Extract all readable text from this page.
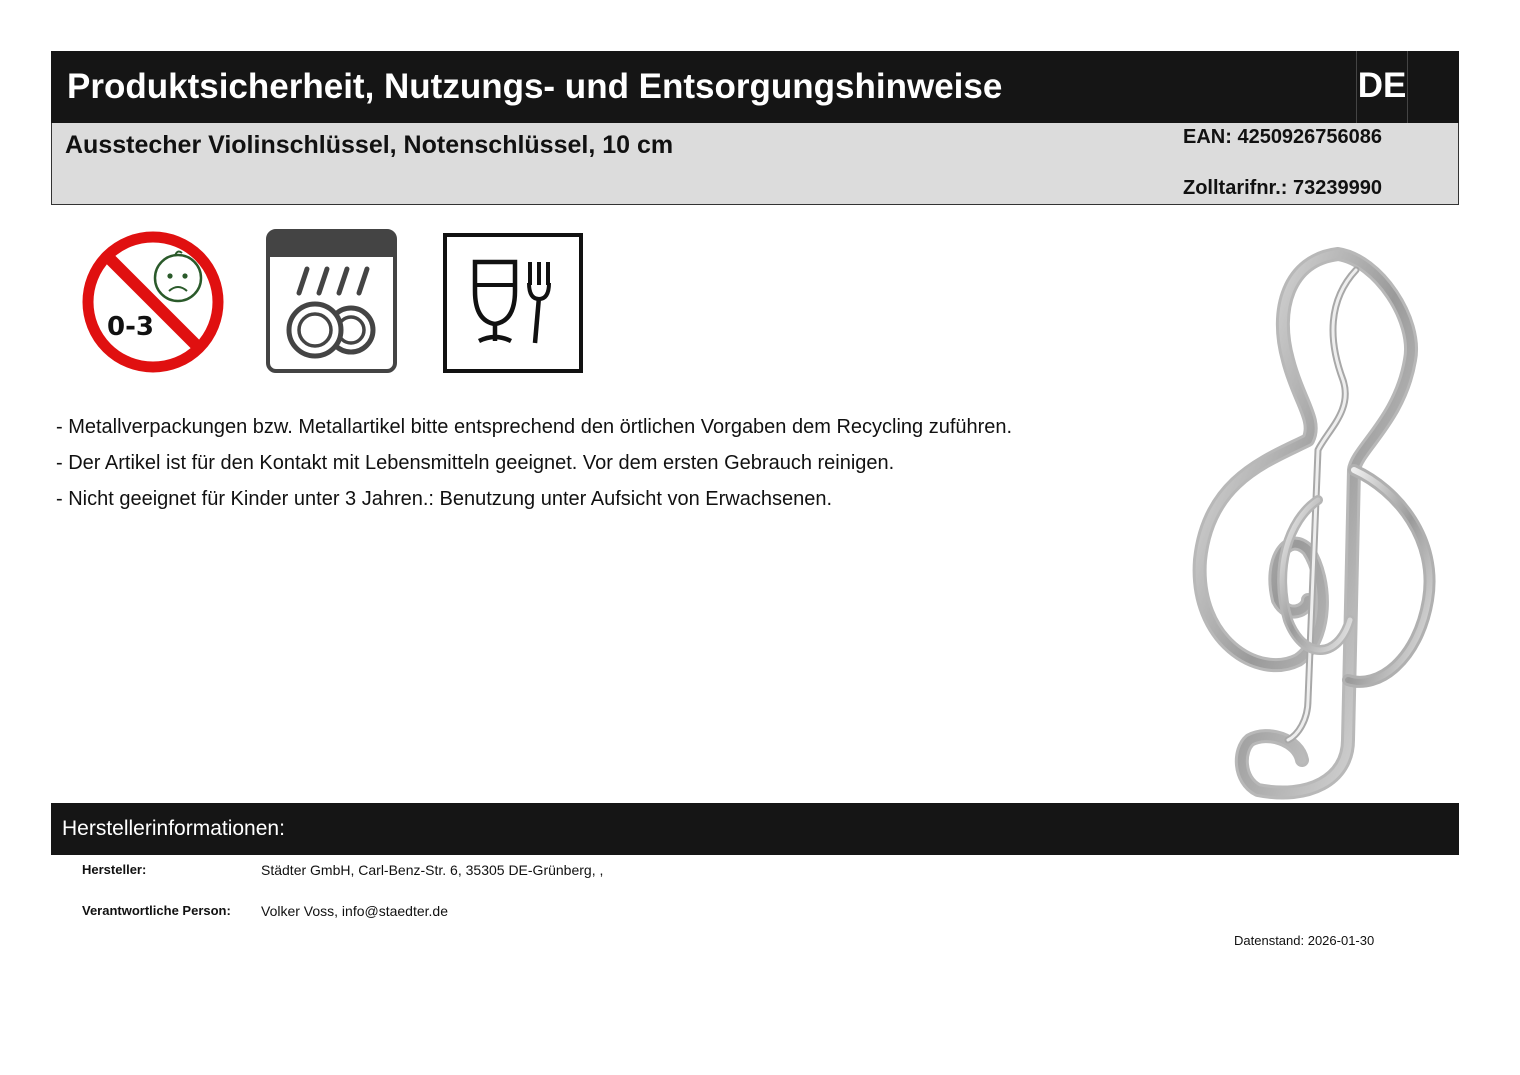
Produktsicherheit, Nutzungs- und Entsorgungshinweise	DE
Ausstecher Violinschlüssel, Notenschlüssel, 10 cm	EAN: 4250926756086
Zolltarifnr.: 73239990
0-3

- Metallverpackungen bzw. Metallartikel bitte entsprechend den örtlichen Vorgaben dem Recycling zuführen.

- Der Artikel ist für den Kontakt mit Lebensmitteln geeignet. Vor dem ersten Gebrauch reinigen.

- Nicht geeignet für Kinder unter 3 Jahren.: Benutzung unter Aufsicht von Erwachsenen.

Herstellerinformationen:
Hersteller:	Städter GmbH, Carl-Benz-Str. 6, 35305 DE-Grünberg, ,
Verantwortliche Person: Volker Voss, info@staedter.de
Datenstand: 2026-01-30
